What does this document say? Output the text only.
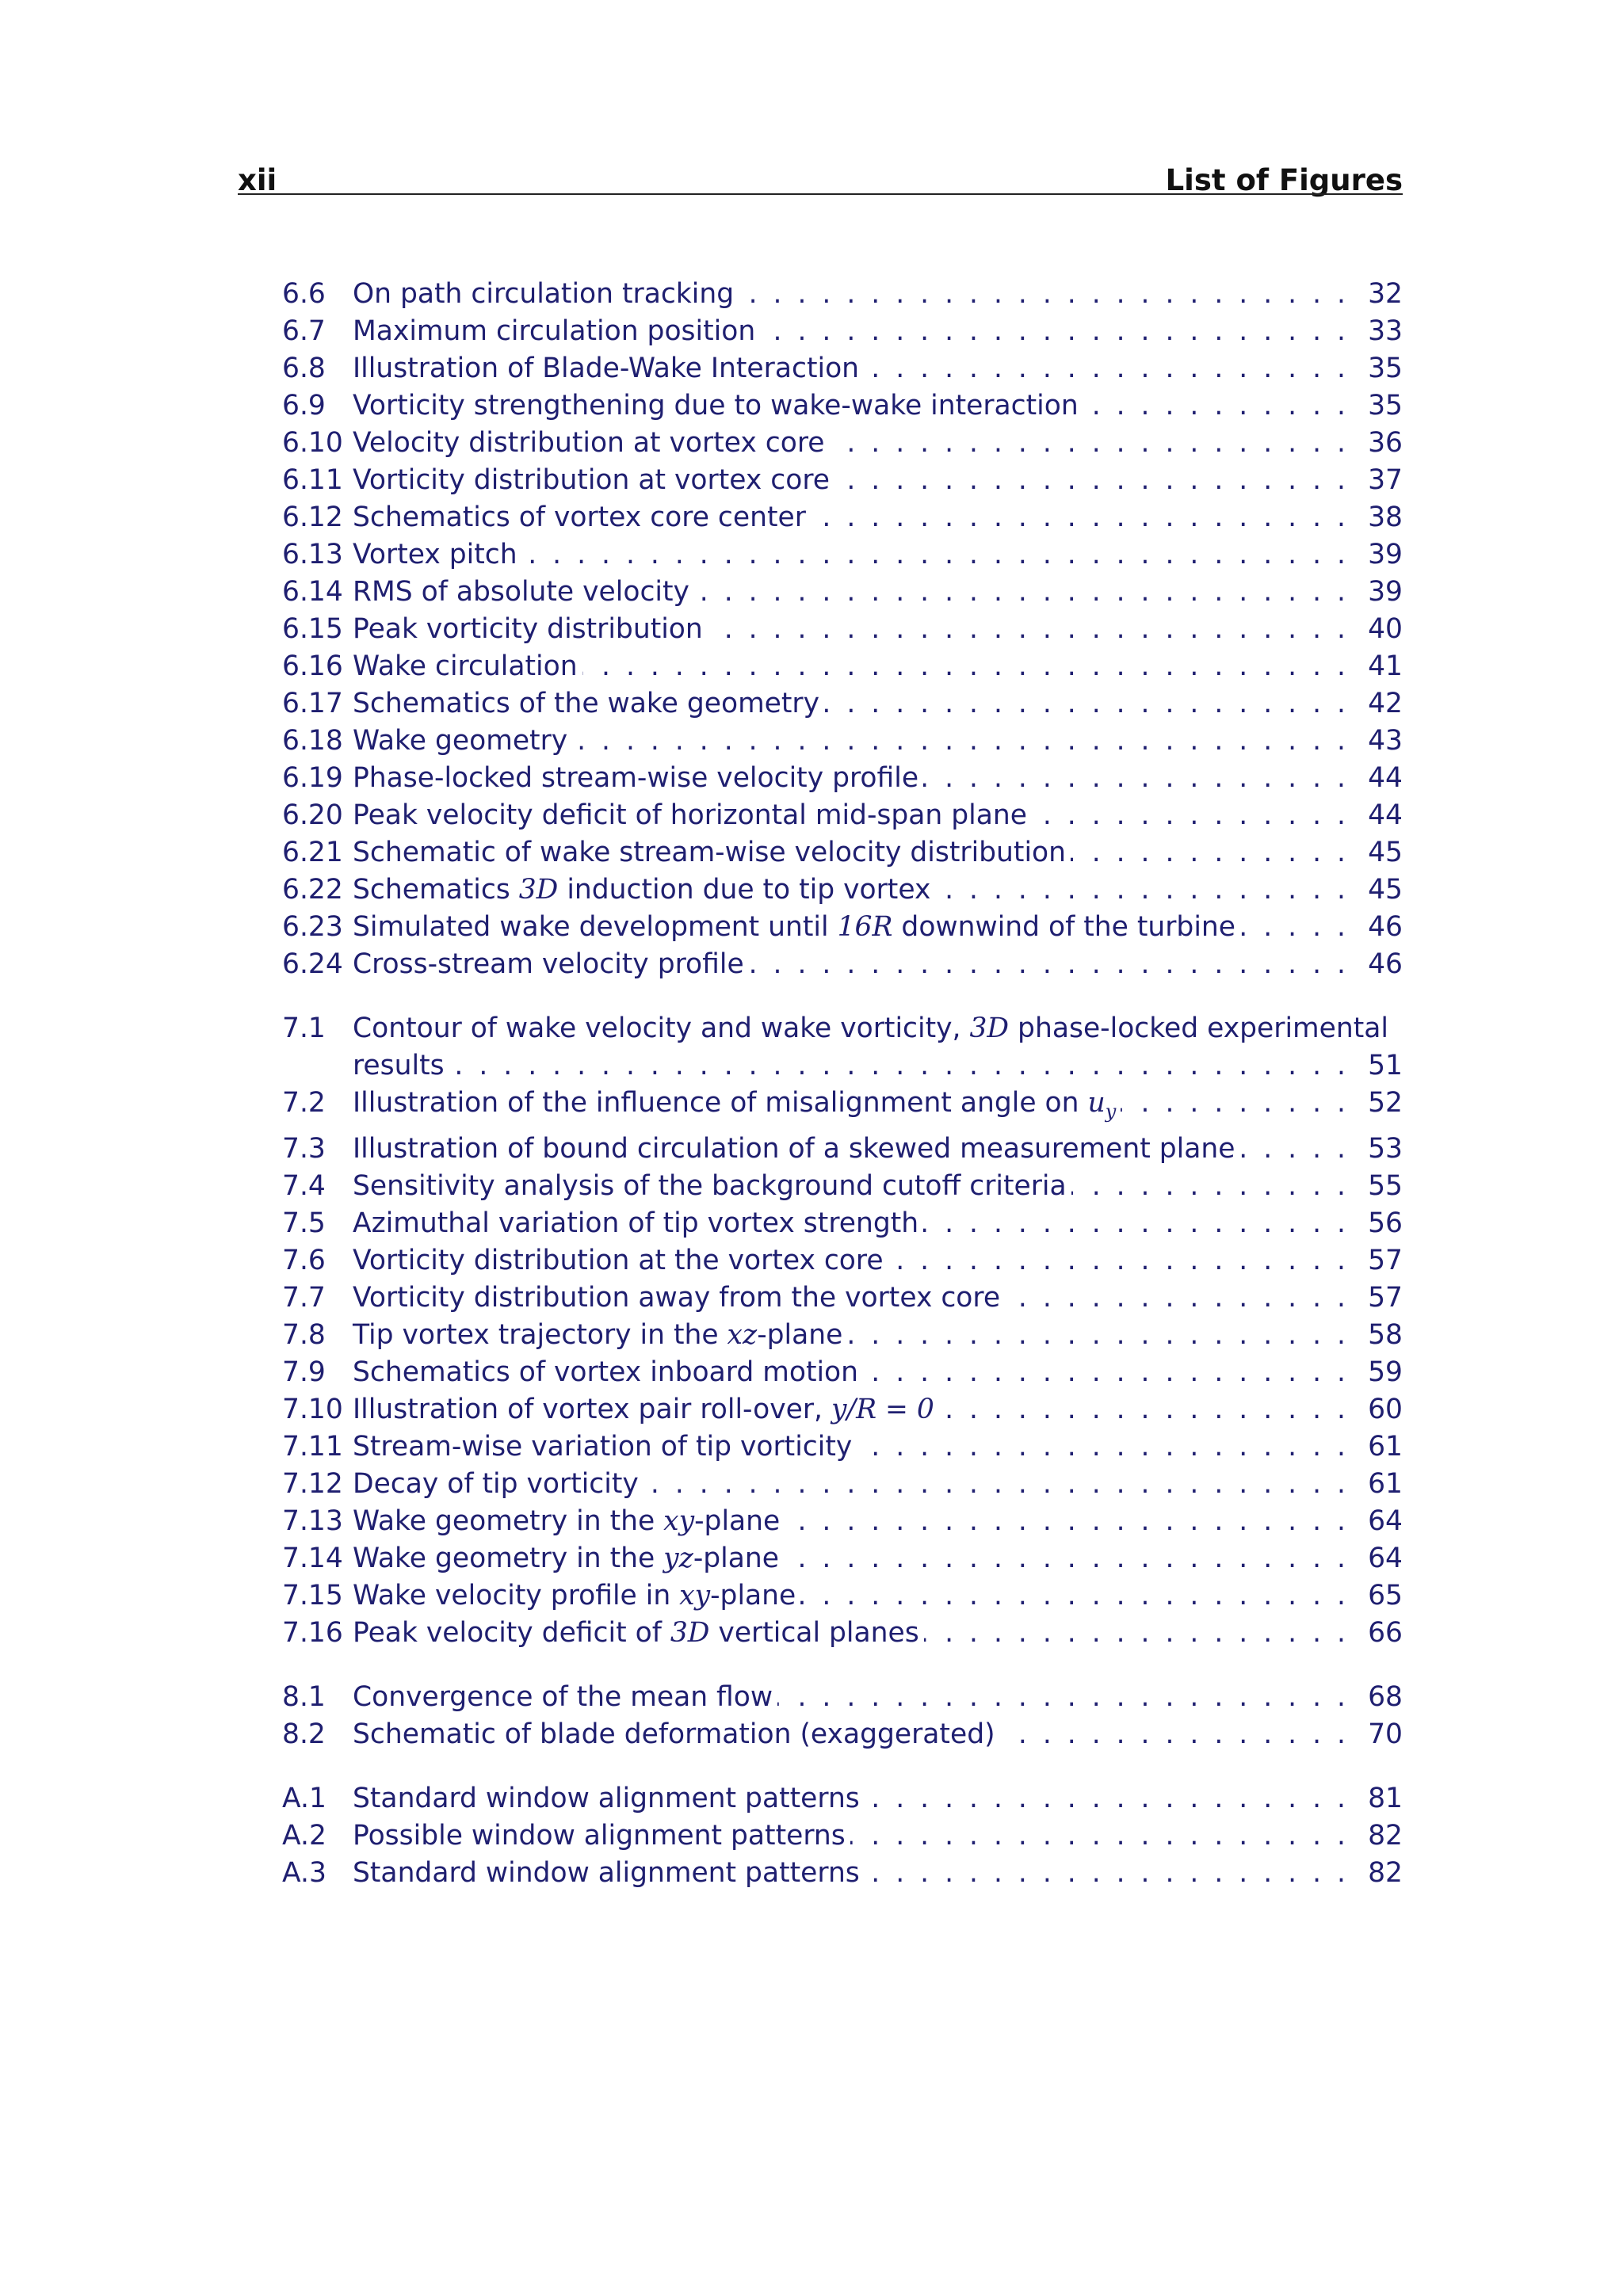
xii	List of Figures
6.6 On path circulation tracking . . .	32
6.7 Maximum circulation position . . .	33
6.8 Illustration of Blade-Wake Interaction . . .	35
6.9 Vorticity strengthening due to wake-wake interaction . . .	35
6.10 Velocity distribution at vortex core . . .	36
6.11 Vorticity distribution at vortex core . . .	37
6.12 Schematics of vortex core center . . .	38
6.13 Vortex pitch . . .	39
6.14 RMS of absolute velocity . . .	39
6.15 Peak vorticity distribution . . .	40
6.16 Wake circulation . . .	41
6.17 Schematics of the wake geometry . . .	42
6.18 Wake geometry . . .	43
6.19 Phase-locked stream-wise velocity profile . . .	44
6.20 Peak velocity deficit of horizontal mid-span plane . . .	44
6.21 Schematic of wake stream-wise velocity distribution . . .	45
6.22 Schematics 3D induction due to tip vortex . . .	45
6.23 Simulated wake development until 16R downwind of the turbine . . .	46
6.24 Cross-stream velocity profile . . .	46
7.1 Contour of wake velocity and wake vorticity, 3D phase-locked experimental
results . . .	51
7.2 Illustration of the influence of misalignment angle on $u_y$ . . .	52
7.3 Illustration of bound circulation of a skewed measurement plane . . .	53
7.4 Sensitivity analysis of the background cutoff criteria . . .	55
7.5 Azimuthal variation of tip vortex strength . . .	56
7.6 Vorticity distribution at the vortex core . . .	57
7.7 Vorticity distribution away from the vortex core . . .	57
7.8 Tip vortex trajectory in the xz-plane . . .	58
7.9 Schematics of vortex inboard motion . . .	59
7.10 Illustration of vortex pair roll-over, y/R = 0 . . .	60
7.11 Stream-wise variation of tip vorticity . . .	61
7.12 Decay of tip vorticity . . .	61
7.13 Wake geometry in the xy-plane . . .	64
7.14 Wake geometry in the yz-plane . . .	64
7.15 Wake velocity profile in xy-plane . . .	65
7.16 Peak velocity deficit of 3D vertical planes . . .	66
8.1 Convergence of the mean flow . . .	68
8.2 Schematic of blade deformation (exaggerated) . . .	70
A.1 Standard window alignment patterns . . .	81
A.2 Possible window alignment patterns . . .	82
A.3 Standard window alignment patterns . . .	82
